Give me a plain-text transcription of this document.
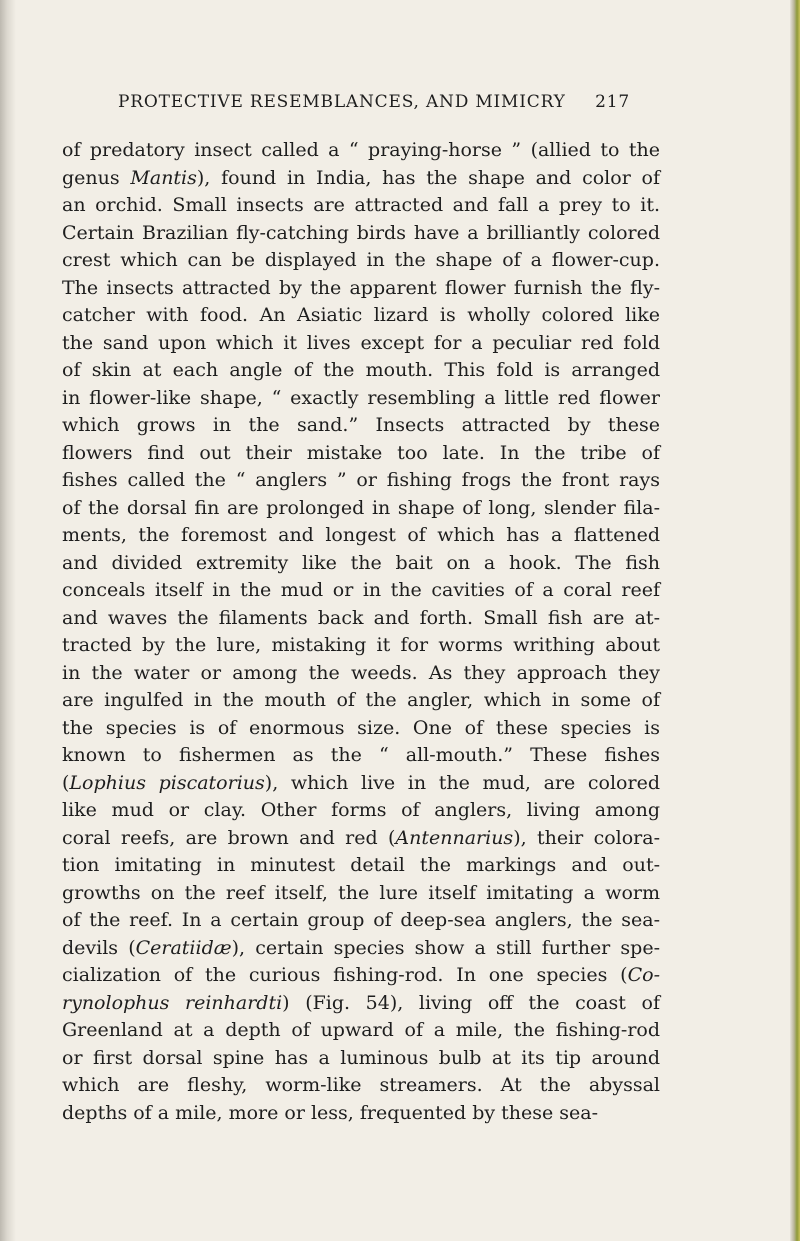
PROTECTIVE RESEMBLANCES, AND MIMICRY 217
of predatory insect called a “ praying-horse ” (allied to the
genus Mantis), found in India, has the shape and color of
an orchid. Small insects are attracted and fall a prey to it.
Certain Brazilian fly-catching birds have a brilliantly colored
crest which can be displayed in the shape of a flower-cup.
The insects attracted by the apparent flower furnish the fly-
catcher with food. An Asiatic lizard is wholly colored like
the sand upon which it lives except for a peculiar red fold
of skin at each angle of the mouth. This fold is arranged
in flower-like shape, “ exactly resembling a little red flower
which grows in the sand.” Insects attracted by these
flowers find out their mistake too late. In the tribe of
fishes called the “ anglers ” or fishing frogs the front rays
of the dorsal fin are prolonged in shape of long, slender fila-
ments, the foremost and longest of which has a flattened
and divided extremity like the bait on a hook. The fish
conceals itself in the mud or in the cavities of a coral reef
and waves the filaments back and forth. Small fish are at-
tracted by the lure, mistaking it for worms writhing about
in the water or among the weeds. As they approach they
are ingulfed in the mouth of the angler, which in some of
the species is of enormous size. One of these species is
known to fishermen as the “ all-mouth.” These fishes
(Lophius piscatorius), which live in the mud, are colored
like mud or clay. Other forms of anglers, living among
coral reefs, are brown and red (Antennarius), their colora-
tion imitating in minutest detail the markings and out-
growths on the reef itself, the lure itself imitating a worm
of the reef. In a certain group of deep-sea anglers, the sea-
devils (Ceratiidæ), certain species show a still further spe-
cialization of the curious fishing-rod. In one species (Co-
rynolophus reinhardti) (Fig. 54), living off the coast of
Greenland at a depth of upward of a mile, the fishing-rod
or first dorsal spine has a luminous bulb at its tip around
which are fleshy, worm-like streamers. At the abyssal
depths of a mile, more or less, frequented by these sea-
